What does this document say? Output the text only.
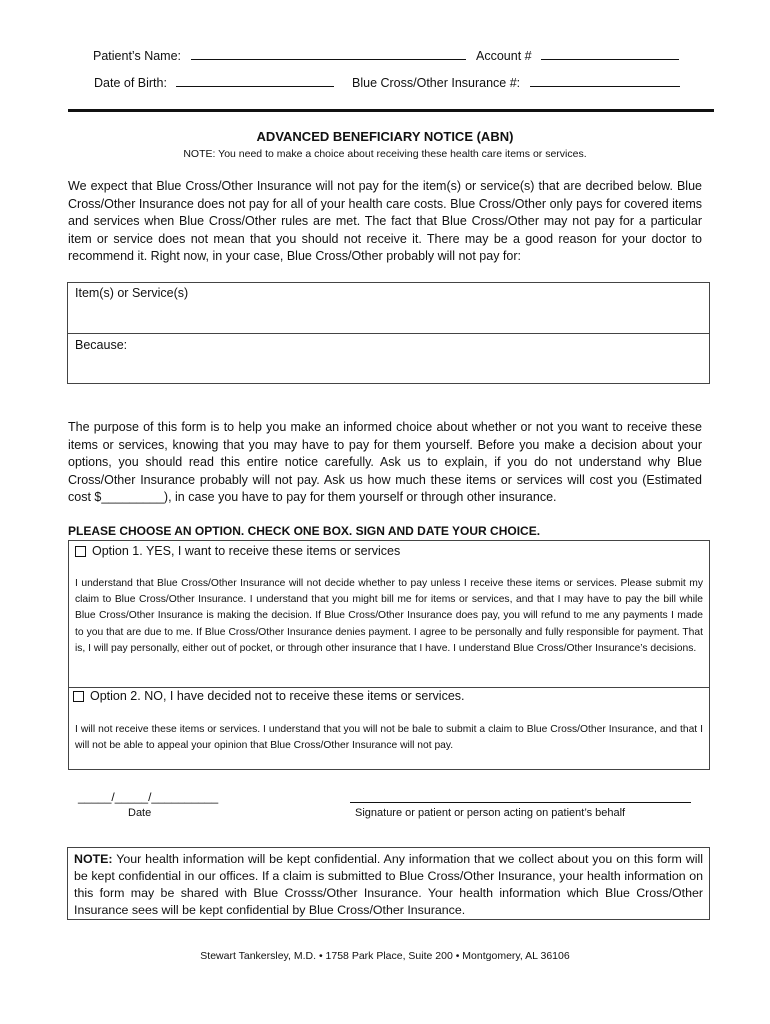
Patient’s Name:	Account #
Date of Birth:	Blue Cross/Other Insurance #:
ADVANCED BENEFICIARY NOTICE (ABN)
NOTE: You need to make a choice about receiving these health care items or services.
We expect that Blue Cross/Other Insurance will not pay for the item(s) or service(s) that are decribed below. Blue Cross/Other Insurance does not pay for all of your health care costs. Blue Cross/Other only pays for covered items and services when Blue Cross/Other rules are met. The fact that Blue Cross/Other may not pay for a particular item or service does not mean that you should not receive it. There may be a good reason for your doctor to recommend it. Right now, in your case, Blue Cross/Other probably will not pay for:
Item(s) or Service(s)
Because:
The purpose of this form is to help you make an informed choice about whether or not you want to receive these items or services, knowing that you may have to pay for them yourself. Before you make a decision about your options, you should read this entire notice carefully. Ask us to explain, if you do not understand why Blue Cross/Other Insurance probably will not pay. Ask us how much these items or services will cost you (Estimated cost $_________), in case you have to pay for them yourself or through other insurance.
PLEASE CHOOSE AN OPTION. CHECK ONE BOX. SIGN AND DATE YOUR CHOICE.
Option 1. YES, I want to receive these items or services
I understand that Blue Cross/Other Insurance will not decide whether to pay unless I receive these items or services. Please submit my claim to Blue Cross/Other Insurance. I understand that you might bill me for items or services, and that I may have to pay the bill while Blue Cross/Other Insurance is making the decision. If Blue Cross/Other Insurance does pay, you will refund to me any payments I made to you that are due to me. If Blue Cross/Other Insurance denies payment. I agree to be personally and fully responsible for payment. That is, I will pay personally, either out of pocket, or through other insurance that I have. I understand Blue Cross/Other Insurance’s decisions.
Option 2. NO, I have decided not to receive these items or services.
I will not receive these items or services. I understand that you will not be bale to submit a claim to Blue Cross/Other Insurance, and that I will not be able to appeal your opinion that Blue Cross/Other Insurance will not pay.
_____/_____/__________
Date	Signature or patient or person acting on patient’s behalf
NOTE: Your health information will be kept confidential. Any information that we collect about you on this form will be kept confidential in our offices. If a claim is submitted to Blue Cross/Other Insurance, your health information on this form may be shared with Blue Crosss/Other Insurance. Your health information which Blue Cross/Other Insurance sees will be kept confidential by Blue Cross/Other Insurance.
Stewart Tankersley, M.D. • 1758 Park Place, Suite 200 • Montgomery, AL 36106
